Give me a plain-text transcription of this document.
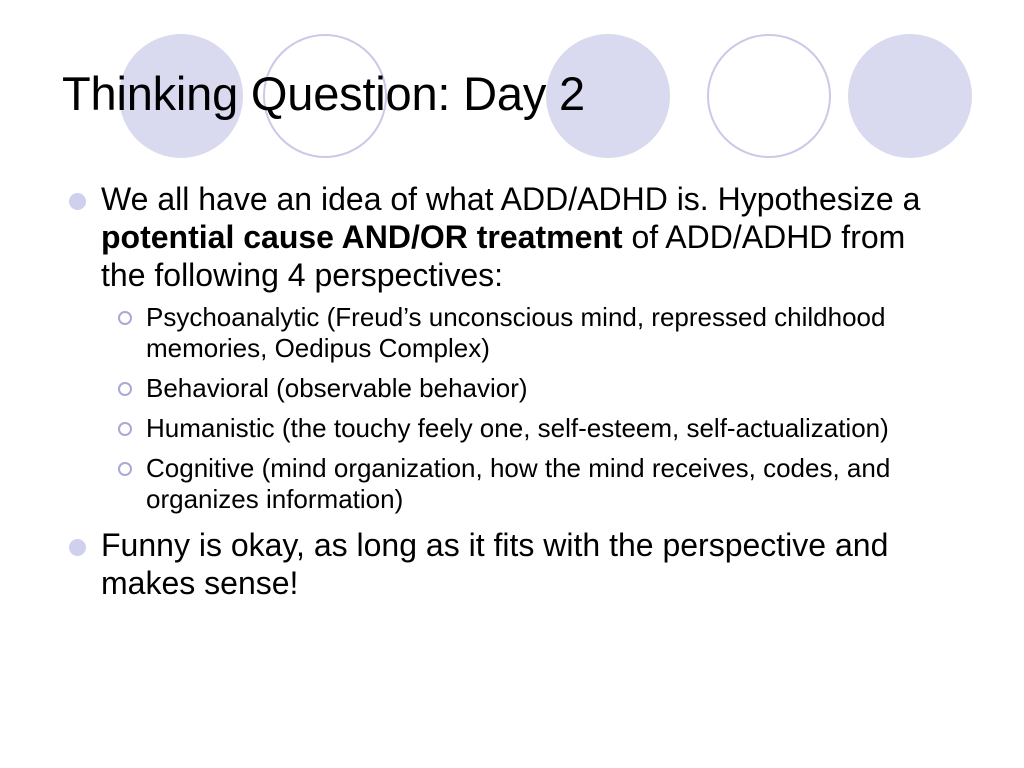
Thinking Question: Day 2
We all have an idea of what ADD/ADHD is. Hypothesize a potential cause AND/OR treatment of ADD/ADHD from the following 4 perspectives:
Psychoanalytic (Freud’s unconscious mind, repressed childhood memories, Oedipus Complex)
Behavioral (observable behavior)
Humanistic (the touchy feely one, self-esteem, self-actualization)
Cognitive (mind organization, how the mind receives, codes, and organizes information)
Funny is okay, as long as it fits with the perspective and makes sense!
